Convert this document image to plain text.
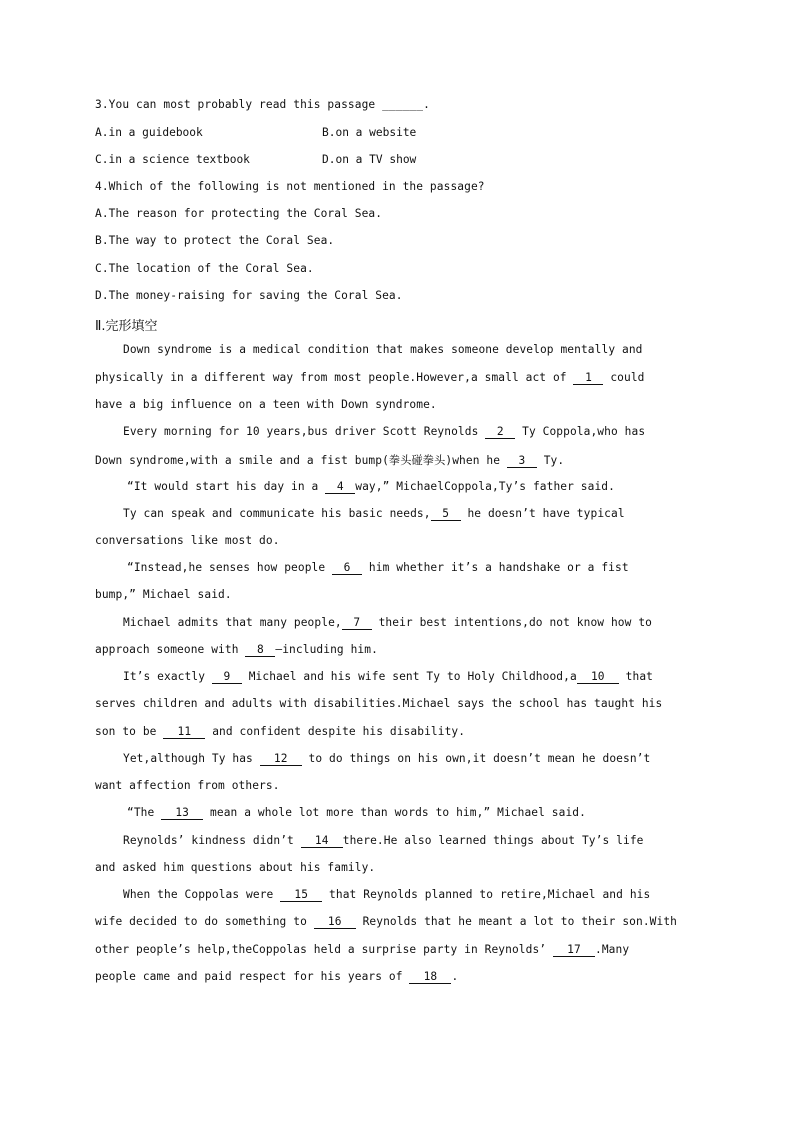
3.You can most probably read this passage ______.
A.in a guidebook	B.on a website
C.in a science textbook	D.on a TV show
4.Which of the following is not mentioned in the passage?
A.The reason for protecting the Coral Sea.
B.The way to protect the Coral Sea.
C.The location of the Coral Sea.
D.The money-raising for saving the Coral Sea.
Ⅱ.完形填空
Down syndrome is a medical condition that makes someone develop mentally and
physically in a different way from most people.However,a small act of 1 could
have a big influence on a teen with Down syndrome.
Every morning for 10 years,bus driver Scott Reynolds 2 Ty Coppola,who has
Down syndrome,with a smile and a fist bump(拳头碰拳头)when he 3 Ty.
“It would start his day in a 4 way,” MichaelCoppola,Ty’s father said.
Ty can speak and communicate his basic needs, 5 he doesn’t have typical
conversations like most do.
“Instead,he senses how people 6 him whether it’s a handshake or a fist
bump,” Michael said.
Michael admits that many people, 7 their best intentions,do not know how to
approach someone with 8 —including him.
It’s exactly 9 Michael and his wife sent Ty to Holy Childhood,a 10 that
serves children and adults with disabilities.Michael says the school has taught his
son to be 11 and confident despite his disability.
Yet,although Ty has 12 to do things on his own,it doesn’t mean he doesn’t
want affection from others.
“The 13 mean a whole lot more than words to him,” Michael said.
Reynolds’ kindness didn’t 14 there.He also learned things about Ty’s life
and asked him questions about his family.
When the Coppolas were 15 that Reynolds planned to retire,Michael and his
wife decided to do something to 16 Reynolds that he meant a lot to their son.With
other people’s help,theCoppolas held a surprise party in Reynolds’ 17 .Many
people came and paid respect for his years of 18 .
